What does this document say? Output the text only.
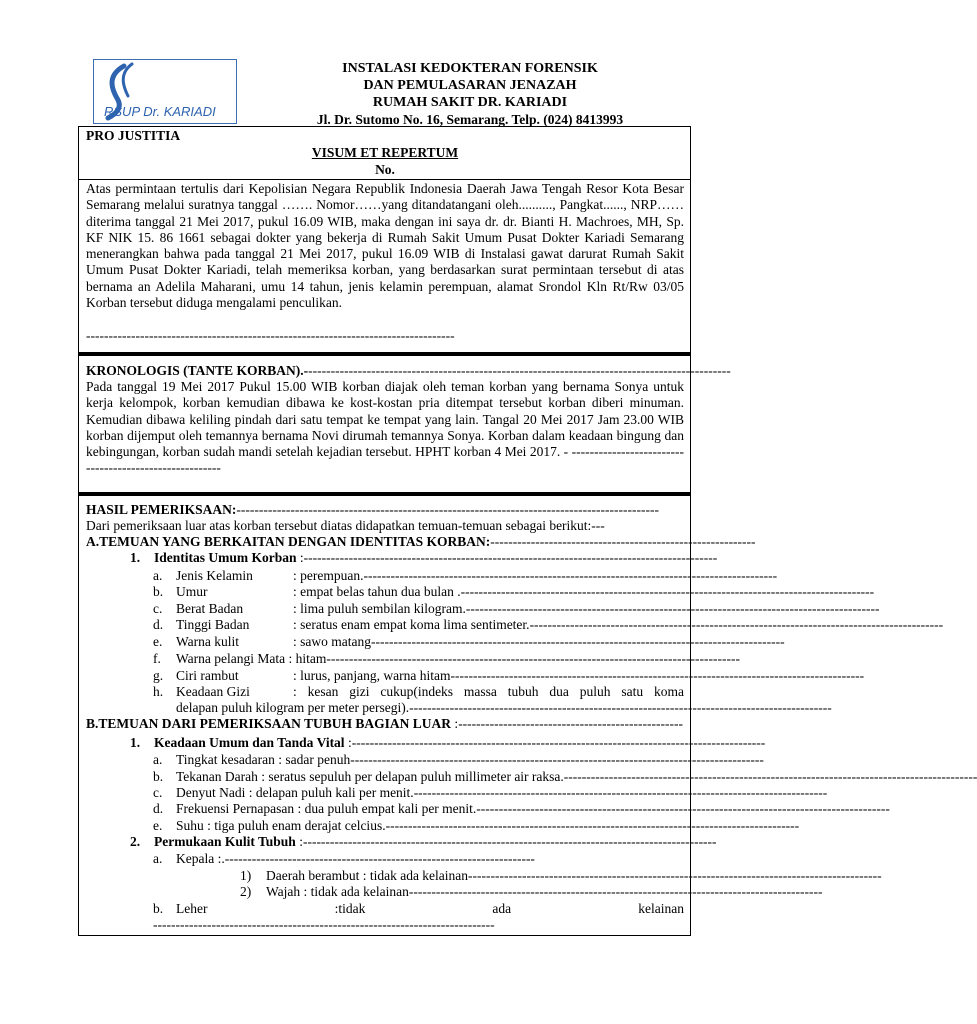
RSUP Dr. KARIADI
INSTALASI KEDOKTERAN FORENSIK
DAN PEMULASARAN JENAZAH
RUMAH SAKIT DR. KARIADI
Jl. Dr. Sutomo No. 16, Semarang. Telp. (024) 8413993
PRO JUSTITIA
VISUM ET REPERTUM
No.
Atas permintaan tertulis dari Kepolisian Negara Republik Indonesia Daerah Jawa Tengah Resor Kota Besar Semarang melalui suratnya tanggal ……. Nomor……yang ditandatangani oleh.........., Pangkat......, NRP…… diterima tanggal 21 Mei 2017, pukul 16.09 WIB, maka dengan ini saya dr. dr. Bianti H. Machroes, MH, Sp. KF NIK 15. 86 1661 sebagai dokter yang bekerja di Rumah Sakit Umum Pusat Dokter Kariadi Semarang menerangkan bahwa pada tanggal 21 Mei 2017, pukul 16.09 WIB di Instalasi gawat darurat Rumah Sakit Umum Pusat Dokter Kariadi, telah memeriksa korban, yang berdasarkan surat permintaan tersebut di atas bernama an Adelila Maharani, umu 14 tahun, jenis kelamin perempuan, alamat Srondol Kln Rt/Rw 03/05 Korban tersebut diduga mengalami penculikan.
----------------------------------------------------------------------------------
KRONOLOGIS (TANTE KORBAN).- ----------------------------------------------------------------------------------------------
Pada tanggal 19 Mei 2017 Pukul 15.00 WIB korban diajak oleh teman korban yang bernama Sonya untuk kerja kelompok, korban kemudian dibawa ke kost-kostan pria ditempat tersebut korban diberi minuman. Kemudian dibawa keliling pindah dari satu tempat ke tempat yang lain. Tangal 20 Mei 2017 Jam 23.00 WIB korban dijemput oleh temannya bernama Novi dirumah temannya Sonya. Korban dalam keadaan bingung dan kebingungan, korban sudah mandi setelah kejadian tersebut. HPHT korban 4 Mei 2017. - -------------------------------------------------------
HASIL PEMERIKSAAN: ----------------------------------------------------------------------------------------------
Dari pemeriksaan luar atas korban tersebut diatas didapatkan temuan-temuan sebagai berikut:---
A.TEMUAN YANG BERKAITAN DENGAN IDENTITAS KORBAN: -----------------------------------------------------------
1. Identitas Umum Korban : --------------------------------------------------------------------------------------------
a. Jenis Kelamin	: perempuan. --------------------------------------------------------------------------------------------
b. Umur	: empat belas tahun dua bulan . --------------------------------------------------------------------------------------------
c. Berat Badan	: lima puluh sembilan kilogram. --------------------------------------------------------------------------------------------
d. Tinggi Badan	: seratus enam empat koma lima sentimeter. --------------------------------------------------------------------------------------------
e. Warna kulit	: sawo matang --------------------------------------------------------------------------------------------
f. Warna pelangi Mata : hitam --------------------------------------------------------------------------------------------
g. Ciri rambut	: lurus, panjang, warna hitam --------------------------------------------------------------------------------------------
h. Keadaan Gizi	: kesan gizi cukup(indeks massa tubuh dua puluh satu koma
delapan puluh kilogram per meter persegi). ----------------------------------------------------------------------------------------------
B.TEMUAN DARI PEMERIKSAAN TUBUH BAGIAN LUAR : --------------------------------------------------
1. Keadaan Umum dan Tanda Vital : --------------------------------------------------------------------------------------------
a. Tingkat kesadaran : sadar penuh --------------------------------------------------------------------------------------------
b. Tekanan Darah : seratus sepuluh per delapan puluh millimeter air raksa. --------------------------------------------------------------------------------------------
c. Denyut Nadi : delapan puluh kali per menit. --------------------------------------------------------------------------------------------
d. Frekuensi Pernapasan : dua puluh empat kali per menit. --------------------------------------------------------------------------------------------
e. Suhu : tiga puluh enam derajat celcius. --------------------------------------------------------------------------------------------
2. Permukaan Kulit Tubuh : --------------------------------------------------------------------------------------------
a. Kepala :. ---------------------------------------------------------------------
1) Daerah berambut : tidak ada kelainan --------------------------------------------------------------------------------------------
2) Wajah : tidak ada kelainan --------------------------------------------------------------------------------------------
b. Leher	:tidak	ada	kelainan
----------------------------------------------------------------------------
